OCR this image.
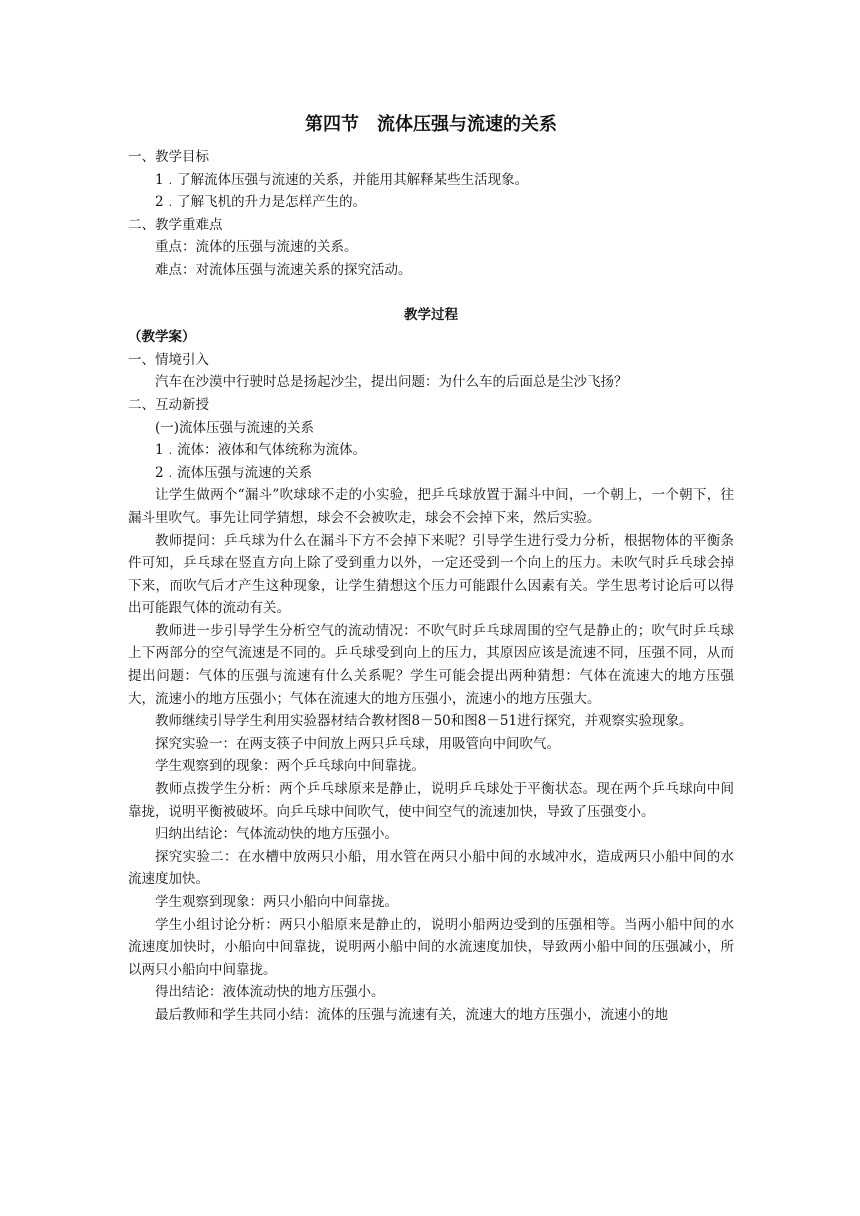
第四节　流体压强与流速的关系

一、教学目标

1﹒了解流体压强与流速的关系，并能用其解释某些生活现象。

2﹒了解飞机的升力是怎样产生的。

二、教学重难点

重点：流体的压强与流速的关系。

难点：对流体压强与流速关系的探究活动。

教学过程

（教学案）

一、情境引入

汽车在沙漠中行驶时总是扬起沙尘，提出问题：为什么车的后面总是尘沙飞扬？

二、互动新授

(一)流体压强与流速的关系

1﹒流体：液体和气体统称为流体。

2﹒流体压强与流速的关系

让学生做两个“漏斗”吹球球不走的小实验，把乒乓球放置于漏斗中间，一个朝上，一个朝下，往漏斗里吹气。事先让同学猜想，球会不会被吹走，球会不会掉下来，然后实验。

教师提问：乒乓球为什么在漏斗下方不会掉下来呢？引导学生进行受力分析，根据物体的平衡条件可知，乒乓球在竖直方向上除了受到重力以外，一定还受到一个向上的压力。未吹气时乒乓球会掉下来，而吹气后才产生这种现象，让学生猜想这个压力可能跟什么因素有关。学生思考讨论后可以得出可能跟气体的流动有关。

教师进一步引导学生分析空气的流动情况：不吹气时乒乓球周围的空气是静止的；吹气时乒乓球上下两部分的空气流速是不同的。乒乓球受到向上的压力，其原因应该是流速不同，压强不同，从而提出问题：气体的压强与流速有什么关系呢？学生可能会提出两种猜想：气体在流速大的地方压强大，流速小的地方压强小；气体在流速大的地方压强小，流速小的地方压强大。

教师继续引导学生利用实验器材结合教材图8－50和图8－51进行探究，并观察实验现象。

探究实验一：在两支筷子中间放上两只乒乓球，用吸管向中间吹气。

学生观察到的现象：两个乒乓球向中间靠拢。

教师点拨学生分析：两个乒乓球原来是静止，说明乒乓球处于平衡状态。现在两个乒乓球向中间靠拢，说明平衡被破坏。向乒乓球中间吹气，使中间空气的流速加快，导致了压强变小。

归纳出结论：气体流动快的地方压强小。

探究实验二：在水槽中放两只小船，用水管在两只小船中间的水域冲水，造成两只小船中间的水流速度加快。

学生观察到现象：两只小船向中间靠拢。

学生小组讨论分析：两只小船原来是静止的，说明小船两边受到的压强相等。当两小船中间的水流速度加快时，小船向中间靠拢，说明两小船中间的水流速度加快，导致两小船中间的压强减小，所以两只小船向中间靠拢。

得出结论：液体流动快的地方压强小。

最后教师和学生共同小结：流体的压强与流速有关，流速大的地方压强小，流速小的地
